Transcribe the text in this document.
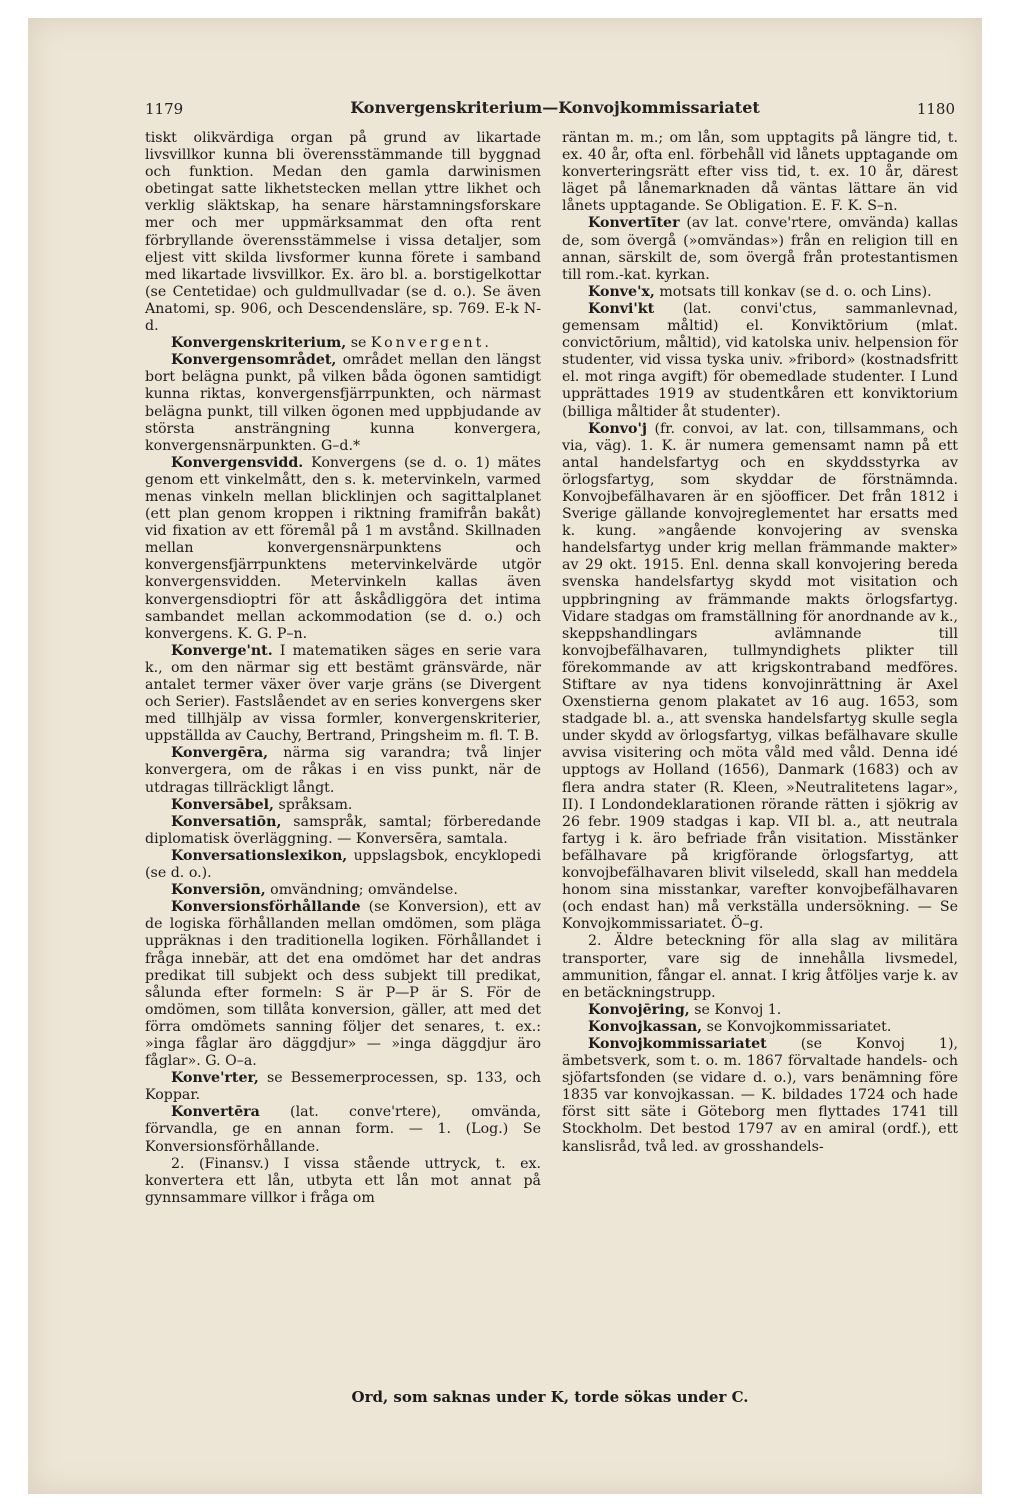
1179	Konvergenskriterium—Konvojkommissariatet	1180

tiskt olikvärdiga organ på grund av likartade livsvillkor kunna bli överensstämmande till byggnad och funktion. Medan den gamla darwinismen obetingat satte likhetstecken mellan yttre likhet och verklig släktskap, ha senare härstamningsforskare mer och mer uppmärksammat den ofta rent förbryllande överensstämmelse i vissa detaljer, som eljest vitt skilda livsformer kunna förete i samband med likartade livsvillkor. Ex. äro bl. a. borstigelkottar (se Centetidae) och guldmullvadar (se d. o.). Se även Anatomi, sp. 906, och Descendensläre, sp. 769. E-k N-d.

Konvergenskriterium, se Konvergent.

Konvergensområdet, området mellan den längst bort belägna punkt, på vilken båda ögonen samtidigt kunna riktas, konvergensfjärrpunkten, och närmast belägna punkt, till vilken ögonen med uppbjudande av största ansträngning kunna konvergera, konvergensnärpunkten. G–d.*

Konvergensvidd. Konvergens (se d. o. 1) mätes genom ett vinkelmått, den s. k. metervinkeln, varmed menas vinkeln mellan blicklinjen och sagittalplanet (ett plan genom kroppen i riktning framifrån bakåt) vid fixation av ett föremål på 1 m avstånd. Skillnaden mellan konvergensnärpunktens och konvergensfjärrpunktens metervinkelvärde utgör konvergensvidden. Metervinkeln kallas även konvergensdioptri för att åskådliggöra det intima sambandet mellan ackommodation (se d. o.) och konvergens. K. G. P–n.

Konverge'nt. I matematiken säges en serie vara k., om den närmar sig ett bestämt gränsvärde, när antalet termer växer över varje gräns (se Divergent och Serier). Fastslåendet av en series konvergens sker med tillhjälp av vissa formler, konvergenskriterier, uppställda av Cauchy, Bertrand, Pringsheim m. fl. T. B.

Konvergēra, närma sig varandra; två linjer konvergera, om de råkas i en viss punkt, när de utdragas tillräckligt långt.

Konversābel, språksam.

Konversatiōn, samspråk, samtal; förberedande diplomatisk överläggning. — Konversēra, samtala.

Konversationslexikon, uppslagsbok, encyklopedi (se d. o.).

Konversiōn, omvändning; omvändelse.

Konversionsförhållande (se Konversion), ett av de logiska förhållanden mellan omdömen, som pläga uppräknas i den traditionella logiken. Förhållandet i fråga innebär, att det ena omdömet har det andras predikat till subjekt och dess subjekt till predikat, sålunda efter formeln: S är P—P är S. För de omdömen, som tillåta konversion, gäller, att med det förra omdömets sanning följer det senares, t. ex.: »inga fåglar äro däggdjur» — »inga däggdjur äro fåglar». G. O–a.

Konve'rter, se Bessemerprocessen, sp. 133, och Koppar.

Konvertēra (lat. conve'rtere), omvända, förvandla, ge en annan form. — 1. (Log.) Se Konversionsförhållande.

2. (Finansv.) I vissa stående uttryck, t. ex. konvertera ett lån, utbyta ett lån mot annat på gynnsammare villkor i fråga om

räntan m. m.; om lån, som upptagits på längre tid, t. ex. 40 år, ofta enl. förbehåll vid lånets upptagande om konverteringsrätt efter viss tid, t. ex. 10 år, därest läget på lånemarknaden då väntas lättare än vid lånets upptagande. Se Obligation. E. F. K. S–n.

Konvertīter (av lat. conve'rtere, omvända) kallas de, som övergå (»omvändas») från en religion till en annan, särskilt de, som övergå från protestantismen till rom.-kat. kyrkan.

Konve'x, motsats till konkav (se d. o. och Lins).

Konvi'kt (lat. convi'ctus, sammanlevnad, gemensam måltid) el. Konviktōrium (mlat. convictōrium, måltid), vid katolska univ. helpension för studenter, vid vissa tyska univ. »fribord» (kostnadsfritt el. mot ringa avgift) för obemedlade studenter. I Lund upprättades 1919 av studentkåren ett konviktorium (billiga måltider åt studenter).

Konvo'j (fr. convoi, av lat. con, tillsammans, och via, väg). 1. K. är numera gemensamt namn på ett antal handelsfartyg och en skyddsstyrka av örlogsfartyg, som skyddar de förstnämnda. Konvojbefälhavaren är en sjöofficer. Det från 1812 i Sverige gällande konvojreglementet har ersatts med k. kung. »angående konvojering av svenska handelsfartyg under krig mellan främmande makter» av 29 okt. 1915. Enl. denna skall konvojering bereda svenska handelsfartyg skydd mot visitation och uppbringning av främmande makts örlogsfartyg. Vidare stadgas om framställning för anordnande av k., skeppshandlingars avlämnande till konvojbefälhavaren, tullmyndighets plikter till förekommande av att krigskontraband medföres. Stiftare av nya tidens konvojinrättning är Axel Oxenstierna genom plakatet av 16 aug. 1653, som stadgade bl. a., att svenska handelsfartyg skulle segla under skydd av örlogsfartyg, vilkas befälhavare skulle avvisa visitering och möta våld med våld. Denna idé upptogs av Holland (1656), Danmark (1683) och av flera andra stater (R. Kleen, »Neutralitetens lagar», II). I Londondeklarationen rörande rätten i sjökrig av 26 febr. 1909 stadgas i kap. VII bl. a., att neutrala fartyg i k. äro befriade från visitation. Misstänker befälhavare på krigförande örlogsfartyg, att konvojbefälhavaren blivit vilseledd, skall han meddela honom sina misstankar, varefter konvojbefälhavaren (och endast han) må verkställa undersökning. — Se Konvojkommissariatet. Ö–g.

2. Äldre beteckning för alla slag av militära transporter, vare sig de innehålla livsmedel, ammunition, fångar el. annat. I krig åtföljes varje k. av en betäckningstrupp.

Konvojēring, se Konvoj 1.

Konvojkassan, se Konvojkommissariatet.

Konvojkommissariatet (se Konvoj 1), ämbetsverk, som t. o. m. 1867 förvaltade handels- och sjöfartsfonden (se vidare d. o.), vars benämning före 1835 var konvojkassan. — K. bildades 1724 och hade först sitt säte i Göteborg men flyttades 1741 till Stockholm. Det bestod 1797 av en amiral (ordf.), ett kanslisråd, två led. av grosshandels-

Ord, som saknas under K, torde sökas under C.
